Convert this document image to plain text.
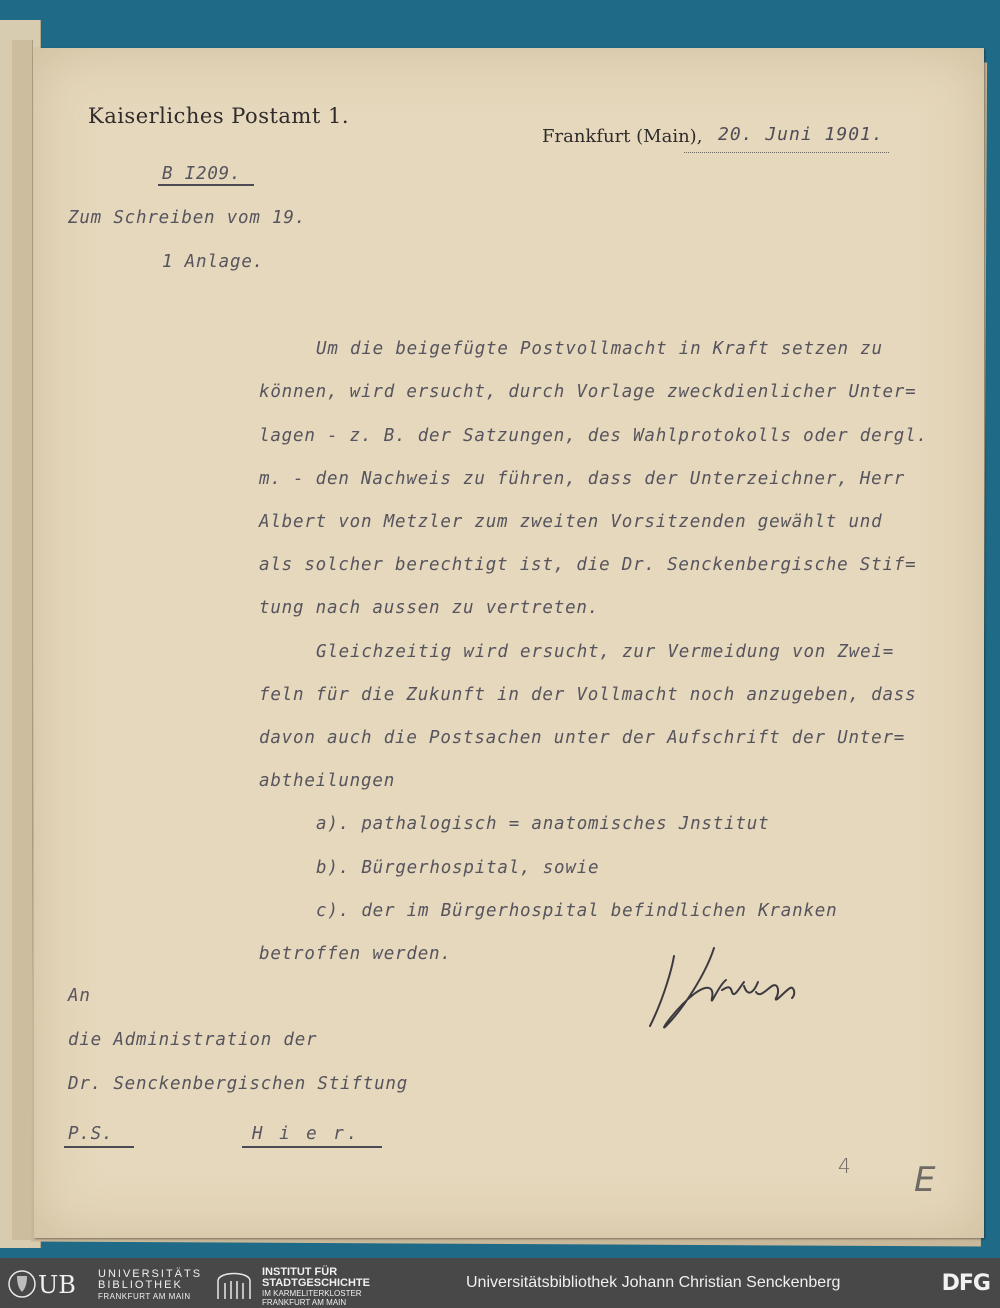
Kaiserliches Postamt 1.
Frankfurt (Main), 20. Juni 1901.
B I209.
Zum Schreiben vom 19.
1 Anlage.
Um die beigefügte Postvollmacht in Kraft setzen zu
können, wird ersucht, durch Vorlage zweckdienlicher Unter=
lagen - z. B. der Satzungen, des Wahlprotokolls oder dergl.
m. - den Nachweis zu führen, dass der Unterzeichner, Herr
Albert von Metzler zum zweiten Vorsitzenden gewählt und
als solcher berechtigt ist, die Dr. Senckenbergische Stif=
tung nach aussen zu vertreten.
Gleichzeitig wird ersucht, zur Vermeidung von Zwei=
feln für die Zukunft in der Vollmacht noch anzugeben, dass
davon auch die Postsachen unter der Aufschrift der Unter=
abtheilungen
a). pathalogisch = anatomisches Jnstitut
b). Bürgerhospital, sowie
c). der im Bürgerhospital befindlichen Kranken
betroffen werden.
An
die Administration der
Dr. Senckenbergischen Stiftung
P.S.	H i e r.
4 E
UB UNIVERSITÄTS
BIBLIOTHEK
FRANKFURT AM MAIN
INSTITUT FÜR
STADTGESCHICHTE
IM KARMELITERKLOSTER
FRANKFURT AM MAIN
Universitätsbibliothek Johann Christian Senckenberg	DFG
